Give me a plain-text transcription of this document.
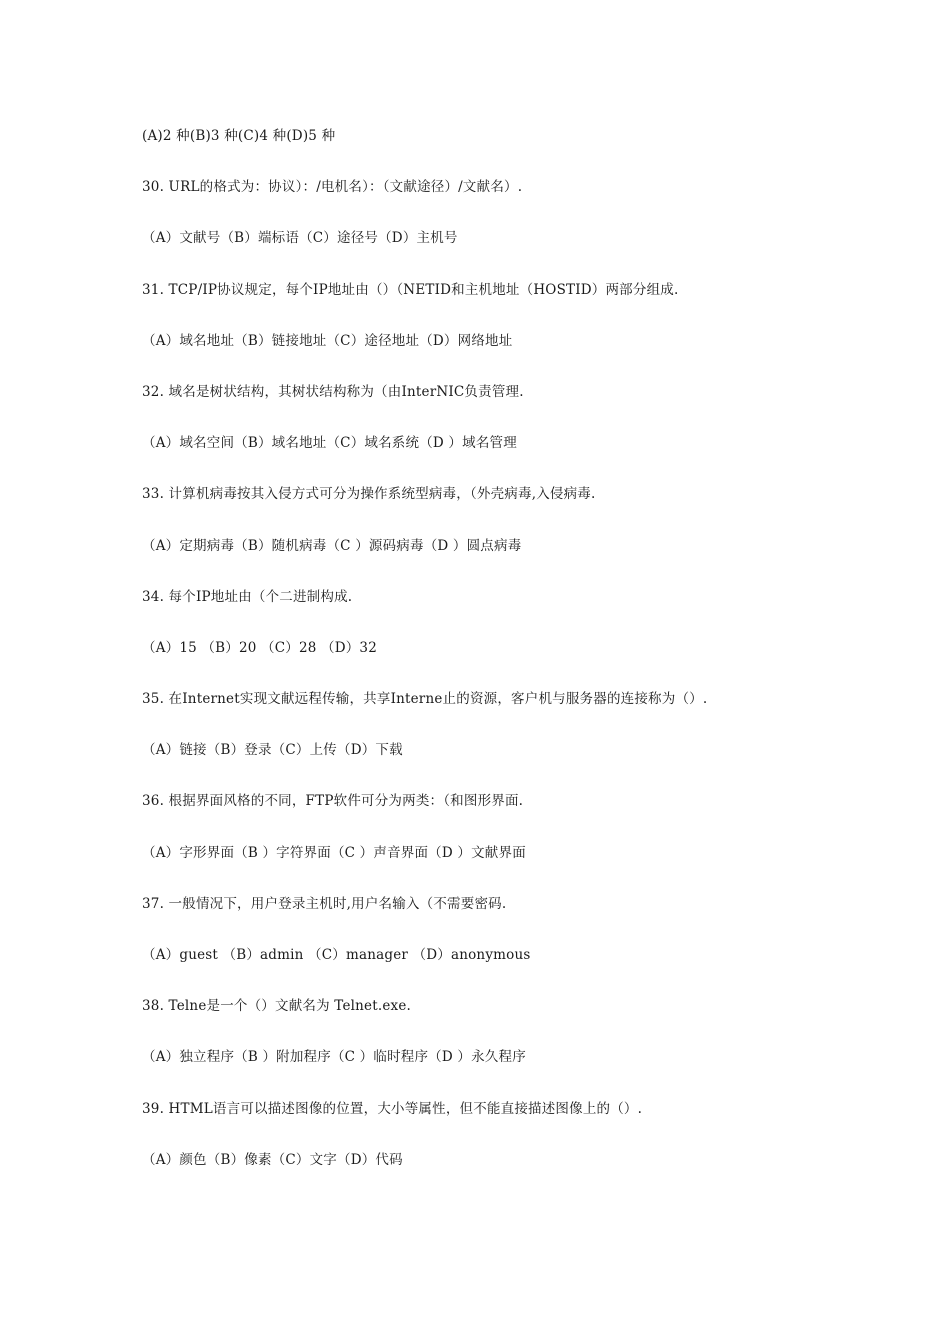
(A)2 种(B)3 种(C)4 种(D)5 种
30. URL的格式为：协议）：/电机名）：（文献途径）/文献名）.
（A）文献号（B）端标语（C）途径号（D）主机号
31. TCP/IP协议规定，每个IP地址由（）（NETID和主机地址（HOSTID）两部分组成.
（A）域名地址（B）链接地址（C）途径地址（D）网络地址
32. 域名是树状结构，其树状结构称为（由InterNIC负责管理.
（A）域名空间（B）域名地址（C）域名系统（D ）域名管理
33. 计算机病毒按其入侵方式可分为操作系统型病毒，（外壳病毒,入侵病毒.
（A）定期病毒（B）随机病毒（C ）源码病毒（D ）圆点病毒
34. 每个IP地址由（个二进制构成.
（A）15 （B）20 （C）28 （D）32
35. 在Internet实现文献远程传输，共享Interne止的资源，客户机与服务器的连接称为（）.
（A）链接（B）登录（C）上传（D）下载
36. 根据界面风格的不同，FTP软件可分为两类：（和图形界面.
（A）字形界面（B ）字符界面（C ）声音界面（D ）文献界面
37. 一般情况下，用户登录主机时,用户名输入（不需要密码.
（A）guest （B）admin （C）manager （D）anonymous
38. Telne是一个（）文献名为 Telnet.exe.
（A）独立程序（B ）附加程序（C ）临时程序（D ）永久程序
39. HTML语言可以描述图像的位置，大小等属性，但不能直接描述图像上的（）.
（A）颜色（B）像素（C）文字（D）代码
